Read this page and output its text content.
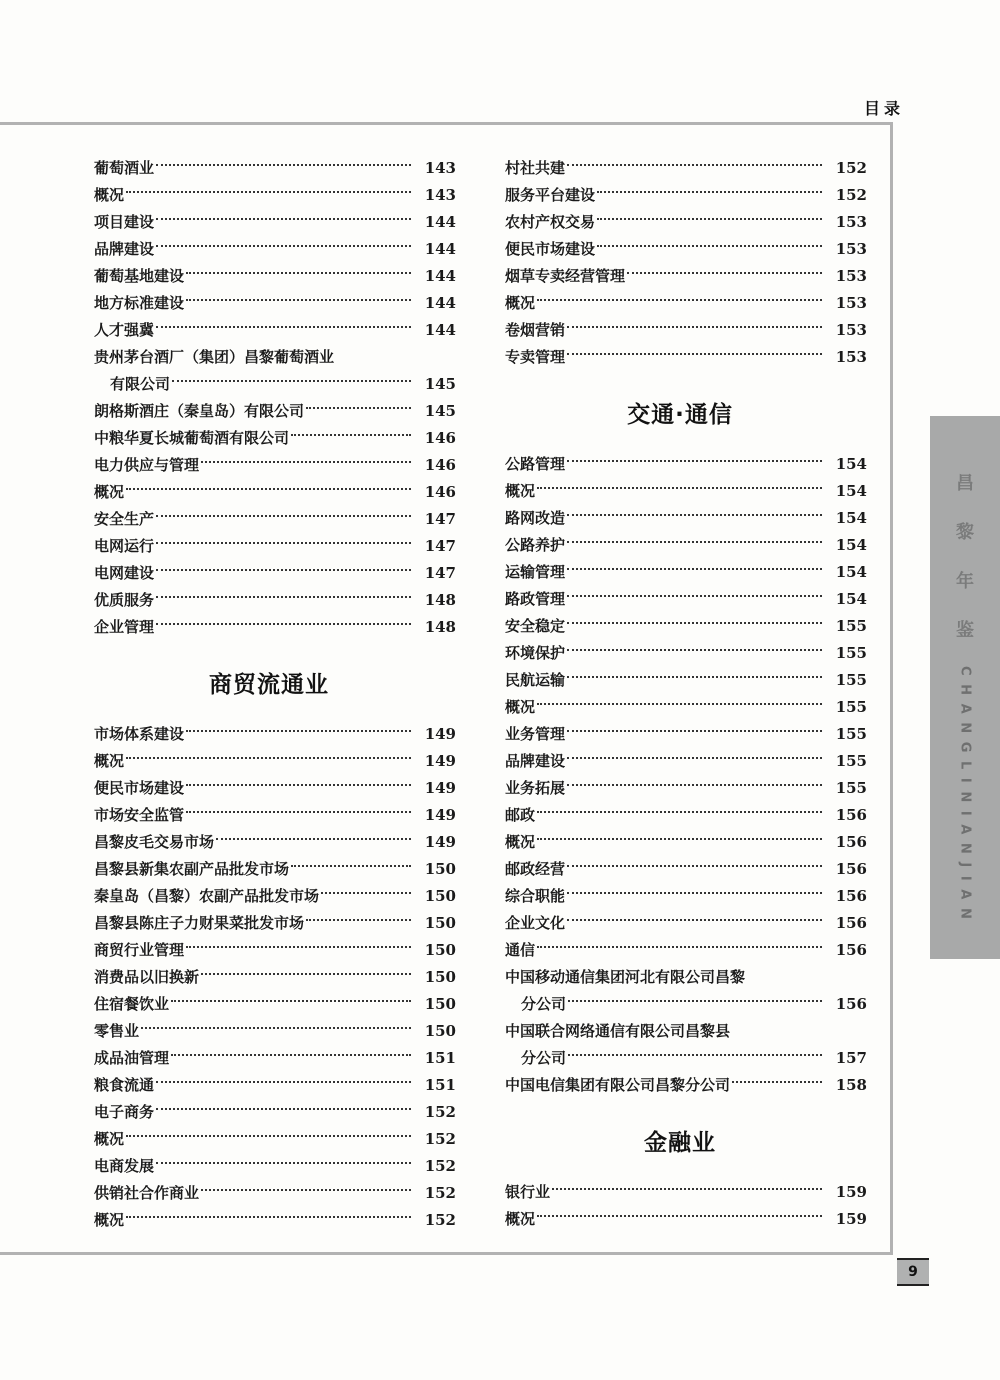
目录
葡萄酒业	143
概况	143
项目建设	144
品牌建设	144
葡萄基地建设	144
地方标准建设	144
人才强冀	144
贵州茅台酒厂（集团）昌黎葡萄酒业
有限公司	145
朗格斯酒庄（秦皇岛）有限公司	145
中粮华夏长城葡萄酒有限公司	146
电力供应与管理	146
概况	146
安全生产	147
电网运行	147
电网建设	147
优质服务	148
企业管理	148
商贸流通业
市场体系建设	149
概况	149
便民市场建设	149
市场安全监管	149
昌黎皮毛交易市场	149
昌黎县新集农副产品批发市场	150
秦皇岛（昌黎）农副产品批发市场	150
昌黎县陈庄子力财果菜批发市场	150
商贸行业管理	150
消费品以旧换新	150
住宿餐饮业	150
零售业	150
成品油管理	151
粮食流通	151
电子商务	152
概况	152
电商发展	152
供销社合作商业	152
概况	152
村社共建	152
服务平台建设	152
农村产权交易	153
便民市场建设	153
烟草专卖经营管理	153
概况	153
卷烟营销	153
专卖管理	153
交通·通信
公路管理	154
概况	154
路网改造	154
公路养护	154
运输管理	154
路政管理	154
安全稳定	155
环境保护	155
民航运输	155
概况	155
业务管理	155
品牌建设	155
业务拓展	155
邮政	156
概况	156
邮政经营	156
综合职能	156
企业文化	156
通信	156
中国移动通信集团河北有限公司昌黎
分公司	156
中国联合网络通信有限公司昌黎县
分公司	157
中国电信集团有限公司昌黎分公司	158
金融业
银行业	159
概况	159
昌
黎
年
鉴
CHANGLINIANJIAN
9
